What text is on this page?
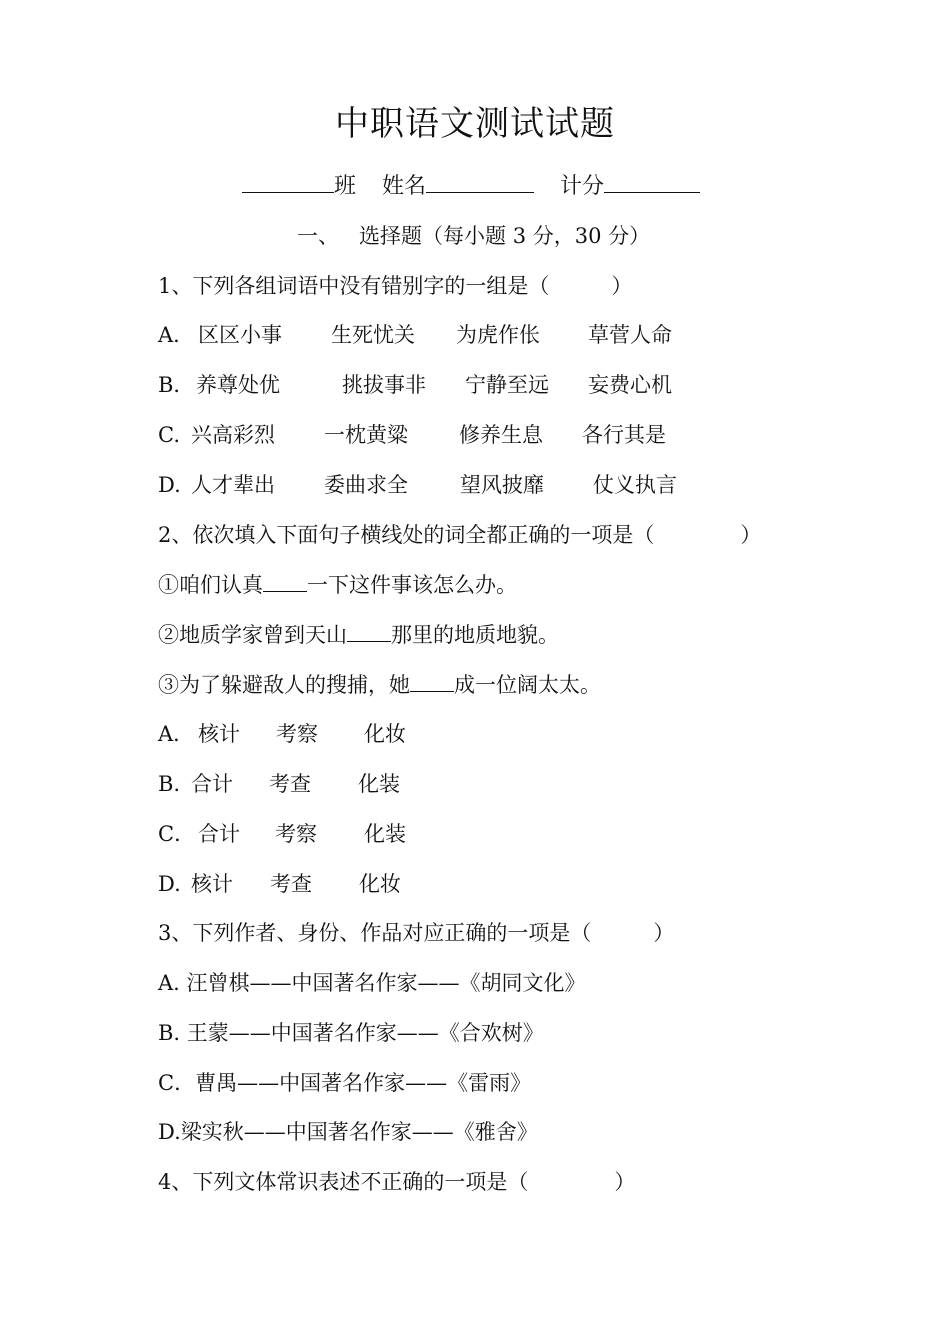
中职语文测试试题
班 姓名	计分
一、 选择题（每小题 3 分，30 分）
1、下列各组词语中没有错别字的一组是（	）
A． 区区小事 生死忧关 为虎作伥 草菅人命
B． 养尊处优	挑拔事非 宁静至远 妄费心机
C. 兴高彩烈 一枕黄粱 修养生息 各行其是
D. 人才辈出 委曲求全 望风披靡 仗义执言
2、依次填入下面句子横线处的词全都正确的一项是（	）
①咱们认真 一下这件事该怎么办。
②地质学家曾到天山 那里的地质地貌。
③为了躲避敌人的搜捕，她 成一位阔太太。
A． 核计 考察 化妆
B. 合计 考查 化装
C． 合计 考察 化装
D. 核计 考查 化妆
3、下列作者、身份、作品对应正确的一项是（	）
A. 汪曾棋——中国著名作家——《胡同文化》
B. 王蒙——中国著名作家——《合欢树》
C．曹禺——中国著名作家——《雷雨》
D.梁实秋——中国著名作家——《雅舍》
4、下列文体常识表述不正确的一项是（	）
